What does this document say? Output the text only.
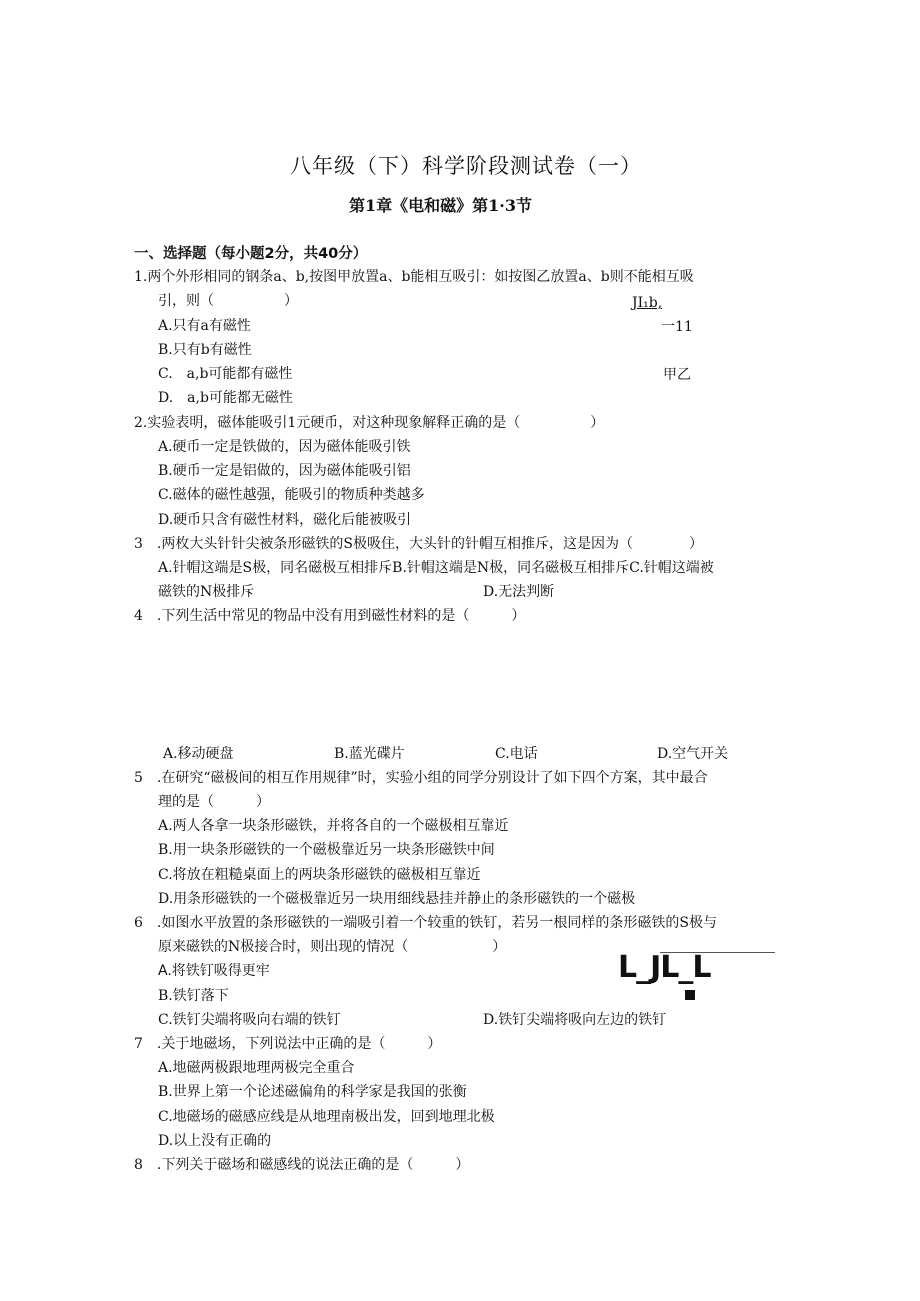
八年级（下）科学阶段测试卷（一）
第1章《电和磁》第1·3节
一、选择题（每小题2分，共40分）
1.两个外形相同的钢条a、b,按图甲放置a、b能相互吸引：如按图乙放置a、b则不能相互吸
引，则（　　　　　）
A.只有a有磁性
B.只有b有磁性
C.　a,b可能都有磁性
D.　a,b可能都无磁性
JI₁b,
一11
甲乙
2.实验表明，磁体能吸引1元硬币，对这种现象解释正确的是（　　　　　）
A.硬币一定是铁做的，因为磁体能吸引铁
B.硬币一定是铝做的，因为磁体能吸引铝
C.磁体的磁性越强，能吸引的物质种类越多
D.硬币只含有磁性材料，磁化后能被吸引
3　.两枚大头针针尖被条形磁铁的S极吸住，大头针的针帽互相推斥，这是因为（　　　　）
A.针帽这端是S极，同名磁极互相排斥B.针帽这端是N极，同名磁极互相排斥C.针帽这端被
磁铁的N极排斥	D.无法判断
4　.下列生活中常见的物品中没有用到磁性材料的是（　　　）
A.移动硬盘	B.蓝光碟片	C.电话	D.空气开关
5　.在研究“磁极间的相互作用规律”时，实验小组的同学分别设计了如下四个方案，其中最合
理的是（　　　）
A.两人各拿一块条形磁铁，并将各自的一个磁极相互靠近
B.用一块条形磁铁的一个磁极靠近另一块条形磁铁中间
C.将放在粗糙桌面上的两块条形磁铁的磁极相互靠近
D.用条形磁铁的一个磁极靠近另一块用细线悬挂并静止的条形磁铁的一个磁极
6　.如图水平放置的条形磁铁的一端吸引着一个较重的铁钉，若另一根同样的条形磁铁的S极与
原来磁铁的N极接合时，则出现的情况（　　　　　　）
A.将铁钉吸得更牢
B.铁钉落下
C.铁钉尖端将吸向右端的铁钉	D.铁钉尖端将吸向左边的铁钉
L_JL_L
7　.关于地磁场，下列说法中正确的是（　　　）
A.地磁两极跟地理两极完全重合
B.世界上第一个论述磁偏角的科学家是我国的张衡
C.地磁场的磁感应线是从地理南极出发，回到地理北极
D.以上没有正确的
8　.下列关于磁场和磁感线的说法正确的是（　　　）
